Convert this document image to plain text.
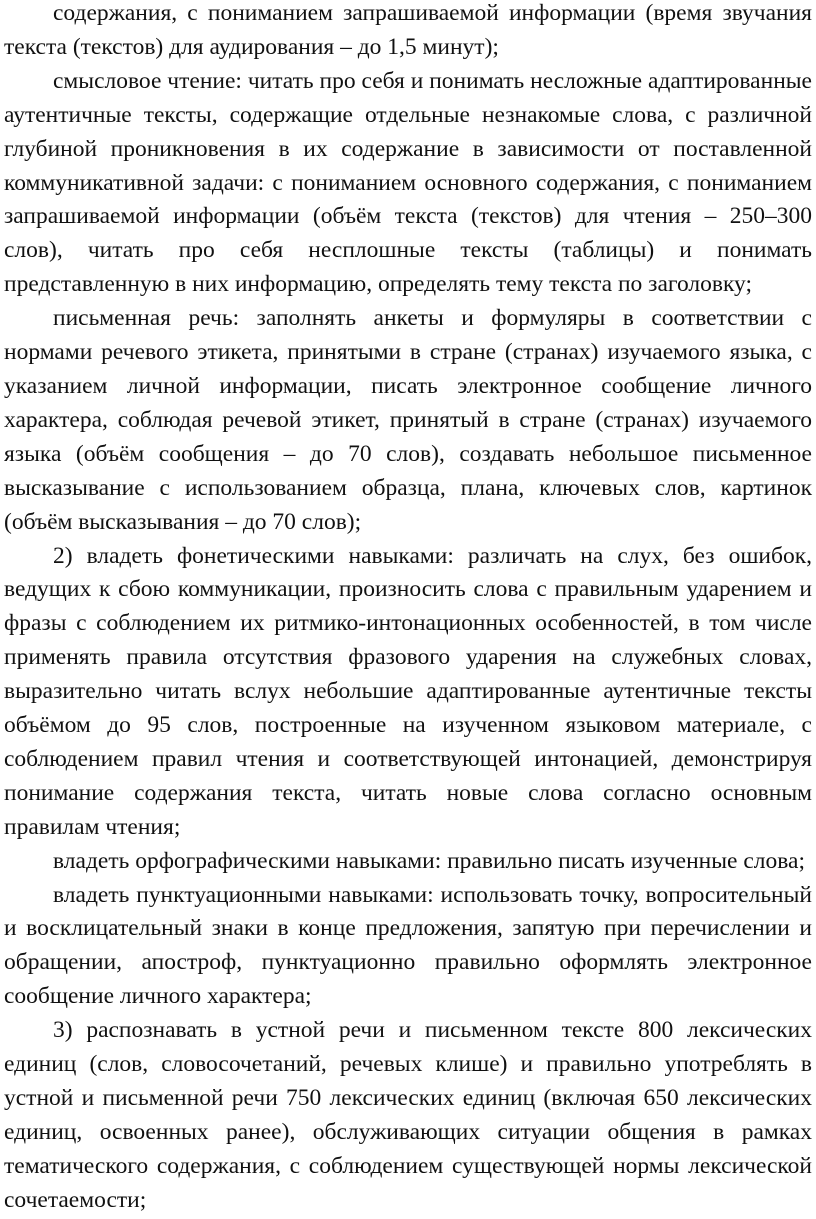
содержания, с пониманием запрашиваемой информации (время звучания текста (текстов) для аудирования – до 1,5 минут);

смысловое чтение: читать про себя и понимать несложные адаптированные аутентичные тексты, содержащие отдельные незнакомые слова, с различной глубиной проникновения в их содержание в зависимости от поставленной коммуникативной задачи: с пониманием основного содержания, с пониманием запрашиваемой информации (объём текста (текстов) для чтения – 250–300 слов), читать про себя несплошные тексты (таблицы) и понимать представленную в них информацию, определять тему текста по заголовку;

письменная речь: заполнять анкеты и формуляры в соответствии с нормами речевого этикета, принятыми в стране (странах) изучаемого языка, с указанием личной информации, писать электронное сообщение личного характера, соблюдая речевой этикет, принятый в стране (странах) изучаемого языка (объём сообщения – до 70 слов), создавать небольшое письменное высказывание с использованием образца, плана, ключевых слов, картинок (объём высказывания – до 70 слов);

2) владеть фонетическими навыками: различать на слух, без ошибок, ведущих к сбою коммуникации, произносить слова с правильным ударением и фразы с соблюдением их ритмико-интонационных особенностей, в том числе применять правила отсутствия фразового ударения на служебных словах, выразительно читать вслух небольшие адаптированные аутентичные тексты объёмом до 95 слов, построенные на изученном языковом материале, с соблюдением правил чтения и соответствующей интонацией, демонстрируя понимание содержания текста, читать новые слова согласно основным правилам чтения;

владеть орфографическими навыками: правильно писать изученные слова;

владеть пунктуационными навыками: использовать точку, вопросительный и восклицательный знаки в конце предложения, запятую при перечислении и обращении, апостроф, пунктуационно правильно оформлять электронное сообщение личного характера;

3) распознавать в устной речи и письменном тексте 800 лексических единиц (слов, словосочетаний, речевых клише) и правильно употреблять в устной и письменной речи 750 лексических единиц (включая 650 лексических единиц, освоенных ранее), обслуживающих ситуации общения в рамках тематического содержания, с соблюдением существующей нормы лексической сочетаемости;
